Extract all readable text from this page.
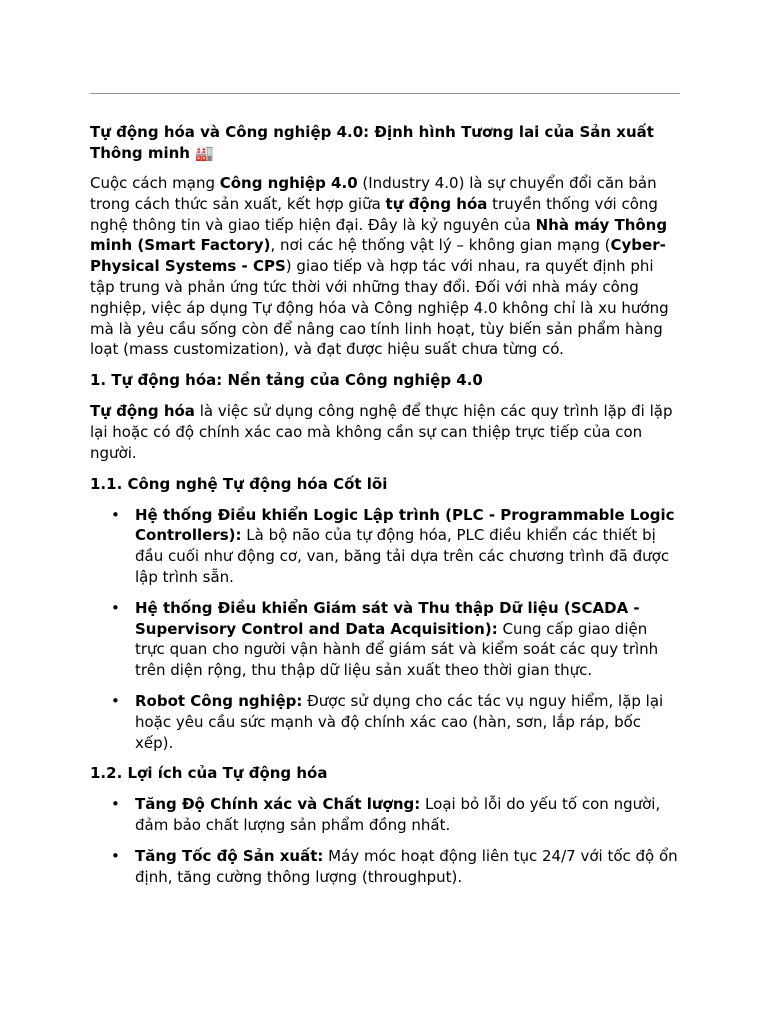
Tự động hóa và Công nghiệp 4.0: Định hình Tương lai của Sản xuất Thông minh 🏭

Cuộc cách mạng Công nghiệp 4.0 (Industry 4.0) là sự chuyển đổi căn bản trong cách thức sản xuất, kết hợp giữa tự động hóa truyền thống với công nghệ thông tin và giao tiếp hiện đại. Đây là kỷ nguyên của Nhà máy Thông minh (Smart Factory), nơi các hệ thống vật lý – không gian mạng (Cyber-Physical Systems - CPS) giao tiếp và hợp tác với nhau, ra quyết định phi tập trung và phản ứng tức thời với những thay đổi. Đối với nhà máy công nghiệp, việc áp dụng Tự động hóa và Công nghiệp 4.0 không chỉ là xu hướng mà là yêu cầu sống còn để nâng cao tính linh hoạt, tùy biến sản phẩm hàng loạt (mass customization), và đạt được hiệu suất chưa từng có.

1. Tự động hóa: Nền tảng của Công nghiệp 4.0

Tự động hóa là việc sử dụng công nghệ để thực hiện các quy trình lặp đi lặp lại hoặc có độ chính xác cao mà không cần sự can thiệp trực tiếp của con người.

1.1. Công nghệ Tự động hóa Cốt lõi
• Hệ thống Điều khiển Logic Lập trình (PLC - Programmable Logic Controllers): Là bộ não của tự động hóa, PLC điều khiển các thiết bị đầu cuối như động cơ, van, băng tải dựa trên các chương trình đã được lập trình sẵn.
• Hệ thống Điều khiển Giám sát và Thu thập Dữ liệu (SCADA - Supervisory Control and Data Acquisition): Cung cấp giao diện trực quan cho người vận hành để giám sát và kiểm soát các quy trình trên diện rộng, thu thập dữ liệu sản xuất theo thời gian thực.
• Robot Công nghiệp: Được sử dụng cho các tác vụ nguy hiểm, lặp lại hoặc yêu cầu sức mạnh và độ chính xác cao (hàn, sơn, lắp ráp, bốc xếp).
1.2. Lợi ích của Tự động hóa
• Tăng Độ Chính xác và Chất lượng: Loại bỏ lỗi do yếu tố con người, đảm bảo chất lượng sản phẩm đồng nhất.
• Tăng Tốc độ Sản xuất: Máy móc hoạt động liên tục 24/7 với tốc độ ổn định, tăng cường thông lượng (throughput).
